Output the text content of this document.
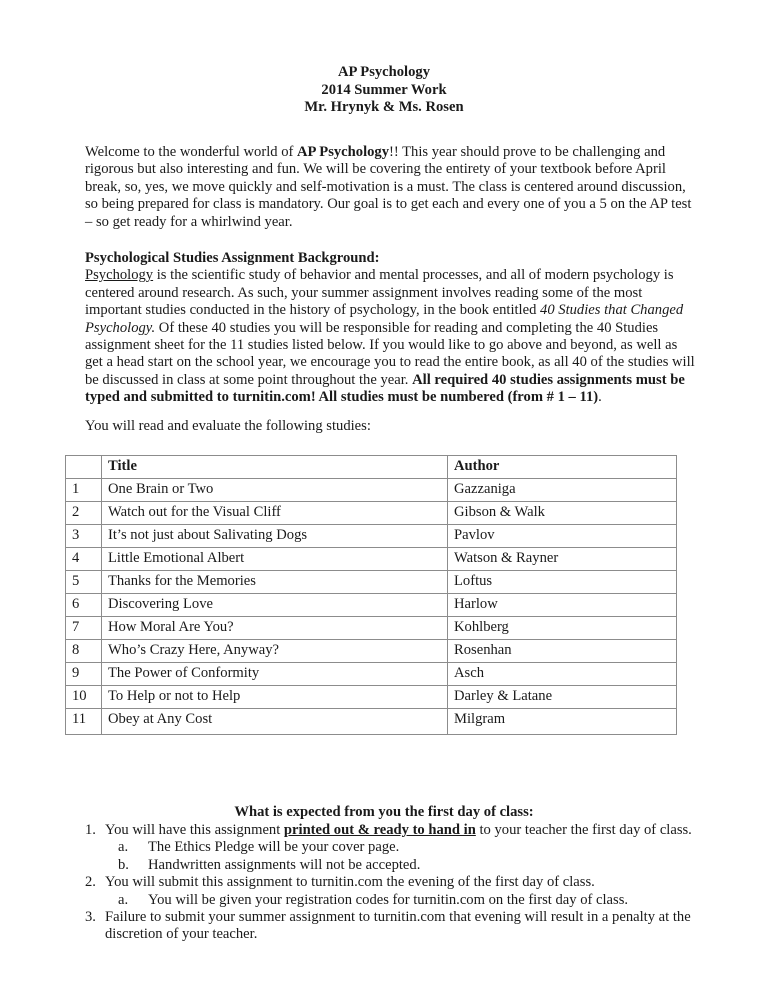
AP Psychology
2014 Summer Work
Mr. Hrynyk & Ms. Rosen
Welcome to the wonderful world of AP Psychology!! This year should prove to be challenging and rigorous but also interesting and fun. We will be covering the entirety of your textbook before April break, so, yes, we move quickly and self-motivation is a must. The class is centered around discussion, so being prepared for class is mandatory. Our goal is to get each and every one of you a 5 on the AP test – so get ready for a whirlwind year.
Psychological Studies Assignment Background:
Psychology is the scientific study of behavior and mental processes, and all of modern psychology is centered around research. As such, your summer assignment involves reading some of the most important studies conducted in the history of psychology, in the book entitled 40 Studies that Changed Psychology. Of these 40 studies you will be responsible for reading and completing the 40 Studies assignment sheet for the 11 studies listed below. If you would like to go above and beyond, as well as get a head start on the school year, we encourage you to read the entire book, as all 40 of the studies will be discussed in class at some point throughout the year. All required 40 studies assignments must be typed and submitted to turnitin.com! All studies must be numbered (from # 1 – 11).
You will read and evaluate the following studies:
	Title	Author
1	One Brain or Two	Gazzaniga
2	Watch out for the Visual Cliff	Gibson & Walk
3	It’s not just about Salivating Dogs	Pavlov
4	Little Emotional Albert	Watson & Rayner
5	Thanks for the Memories	Loftus
6	Discovering Love	Harlow
7	How Moral Are You?	Kohlberg
8	Who’s Crazy Here, Anyway?	Rosenhan
9	The Power of Conformity	Asch
10	To Help or not to Help	Darley & Latane
11	Obey at Any Cost	Milgram
What is expected from you the first day of class:
1. You will have this assignment printed out & ready to hand in to your teacher the first day of class.
a. The Ethics Pledge will be your cover page.
b. Handwritten assignments will not be accepted.
2. You will submit this assignment to turnitin.com the evening of the first day of class.
a. You will be given your registration codes for turnitin.com on the first day of class.
3. Failure to submit your summer assignment to turnitin.com that evening will result in a penalty at the discretion of your teacher.
